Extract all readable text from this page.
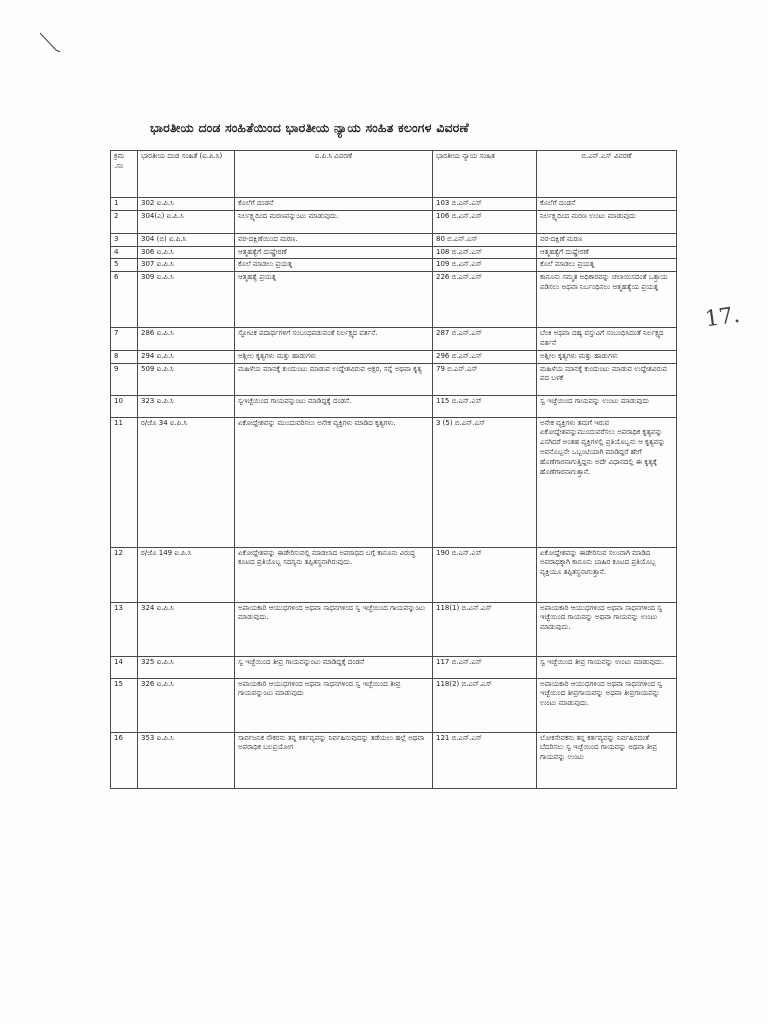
ಭಾರತೀಯ ದಂಡ ಸಂಹಿತೆಯಿಂದ ಭಾರತೀಯ ನ್ಯಾಯ ಸಂಹಿತ ಕಲಂಗಳ ವಿವರಣೆ
17.
ಕ್ರಮ .ಸಂ	ಭಾರತೀಯ ದಂಡ ಸಂಹಿತೆ (ಐ.ಪಿ.ಸಿ)	ಐ.ಪಿ.ಸಿ ವಿವರಣೆ	ಭಾರತೀಯ ನ್ಯಾಯ ಸಂಹಿತ	ಬಿ.ಎನ್.ಎಸ್ ವಿವರಣೆ
1	302 ಐ.ಪಿ.ಸಿ	ಕೊಲೆಗೆ ದಂಡನೆ	103 ಬಿ.ಎನ್.ಎಸ್	ಕೊಲೆಗೆ ದಂಡನೆ
2	304(ಎ) ಐ.ಪಿ.ಸಿ	ನಿರ್ಲಕ್ಷ್ಯದಿಂದ ಮರಣವನ್ನುಂಟು ಮಾಡುವುದು.	106 ಬಿ.ಎನ್.ಎಸ್	ನಿರ್ಲಕ್ಷ್ಯದಿಂದ ಮರಣ ಉಂಟು ಮಾಡುವುದು
3	304 (ಬಿ) ಐ.ಪಿ.ಸಿ	ವರ-ದಕ್ಷಿಣೆಯಿಂದ ಮರಣ.	80 ಬಿ.ಎನ್.ಎಸ್	ವರ-ದಕ್ಷಿಣೆ ಮರಣ
4	306 ಐ.ಪಿ.ಸಿ	ಆತ್ಮಹತ್ಯೆಗೆ ದುಷ್ಪ್ರೇರಣೆ	108 ಬಿ.ಎನ್.ಎಸ್	ಆತ್ಮಹತ್ಯೆಗೆ ದುಷ್ಪ್ರೇರಣೆ
5	307 ಐ.ಪಿ.ಸಿ	ಕೊಲೆ ಮಾಡಲು ಪ್ರಯತ್ನ	109 ಬಿ.ಎನ್.ಎಸ್	ಕೊಲೆ ಮಾಡಲು ಪ್ರಯತ್ನ
6	309 ಐ.ಪಿ.ಸಿ	ಆತ್ಮಹತ್ಯೆ ಪ್ರಯತ್ನ	226 ಬಿ.ಎನ್.ಎಸ್	ಕಾನೂನು ಸಮ್ಮತ ಅಧಿಕಾರವನ್ನು ಚಲಾಯಿಸದಂತೆ ಒತ್ತಾಯ ಪಡಿಸಲು ಅಥವಾ ನಿರ್ಬಂಧಿಸಲು ಆತ್ಮಹತ್ಯೆಯ ಪ್ರಯತ್ನ
7	286 ಐ.ಪಿ.ಸಿ	ಸ್ಫೋಟಕ ಪದಾರ್ಥಗಳಿಗೆ ಸಂಬಂಧಪಡುವಂತೆ ನಿರ್ಲಕ್ಷ್ಯದ ವರ್ತನೆ.	287 ಬಿ.ಎನ್.ಎಸ್	ಬೆಂಕಿ ಅಥವಾ ದಹ್ಯ ವಸ್ತುವಿಗೆ ಸಂಬಂಧಿಸಿದಂತೆ ನಿರ್ಲಕ್ಷ್ಯದ ವರ್ತನೆ
8	294 ಐ.ಪಿ.ಸಿ	ಅಶ್ಲೀಲ ಕೃತ್ಯಗಳು ಮತ್ತು ಹಾಡುಗಳು	296 ಬಿ.ಎನ್.ಎಸ್	ಅಶ್ಲೀಲ ಕೃತ್ಯಗಳು ಮತ್ತು ಹಾಡುಗಳು
9	509 ಐ.ಪಿ.ಸಿ	ಮಹಿಳೆಯ ಮಾನಕ್ಕೆ ಕುಂದುಂಟು ಮಾಡುವ ಉದ್ದೇಶವಿರುವ ಅಕ್ಷರ, ಸನ್ನೆ ಅಥವಾ ಕೃತ್ಯ	79 ಬಿ.ಎನ್.ಎಸ್	ಮಹಿಳೆಯ ಮಾನಕ್ಕೆ ಕುಂದುಂಟು ಮಾಡುವ ಉದ್ದೇಶವಿರುವ ಪದ ಬಳಕೆ
10	323 ಐ.ಪಿ.ಸಿ	ಸ್ವಇಚ್ಛೆಯಿಂದ ಗಾಯವನ್ನುಂಟು ಮಾಡಿದ್ದಕ್ಕೆ ದಂಡನೆ.	115 ಬಿ.ಎನ್.ಎಸ್	ಸ್ವ ಇಚ್ಛೆಯಿಂದ ಗಾಯವನ್ನು ಉಂಟು ಮಾಡುವುದು
11	ರ/ಜೊ 34 ಐ.ಪಿ.ಸಿ	ಏಕೋದ್ದೇಶವನ್ನು ಮುಂದುವರಿಸಲು ಅನೇಕ ವ್ಯಕ್ತಿಗಳು ಮಾಡಿದ ಕೃತ್ಯಗಳು.	3 (5) ಬಿ.ಎನ್.ಎಸ್	ಅನೇಕ ವ್ಯಕ್ತಿಗಳು ತಮಗೆ ಇರುವ ಏಕೋದ್ದೇಶವನ್ನುಮುಂದುವರೆಸಲು ಅಪರಾಧಿಕ ಕೃತ್ಯವನ್ನು ಎಸಗಿದರೆ ಅಂತಹ ವ್ಯಕ್ತಿಗಳಲ್ಲಿ ಪ್ರತಿಯೊಬ್ಬನು ಆ ಕೃತ್ಯವನ್ನು ಅವನೊಬ್ಬನೇ ಒಬ್ಬಂಟಿಯಾಗಿ ಮಾಡಿದ್ದರೆ ಹೇಗೆ ಹೊಣೆಗಾರನಾಗುತ್ತಿದ್ದನು ಅದೇ ವಿಧಾನದಲ್ಲಿ ಈ ಕೃತ್ಯಕ್ಕೆ ಹೊಣೆಗಾರನಾಗುತ್ತಾನೆ.
12	ರ/ಜೊ 149 ಐ.ಪಿ.ಸಿ	ಏಕೋದ್ದೇಶವನ್ನು ಈಡೇರಿಸುವಲ್ಲಿ ಮಾಡಲಾದ ಅಪರಾಧದ ಬಗ್ಗೆ ಕಾನೂನು ವಿರುದ್ಧ ಕೂಟದ ಪ್ರತಿಯೊಬ್ಬ ಸದಸ್ಯನು ತಪ್ಪಿತಸ್ಥನಾಗಿರುವುದು.	190 ಬಿ.ಎನ್.ಎಸ್	ಏಕೋದ್ದೇಶವನ್ನು ಈಡೇರಿಸುವ ಸಲುವಾಗಿ ಮಾಡಿದ ಅಪರಾಧಕ್ಕಾಗಿ ಕಾನೂನು ಬಾಹಿರ ಕೂಟದ ಪ್ರತಿಯೊಬ್ಬ ವ್ಯಕ್ತಿಯೂ ತಪ್ಪಿತಸ್ಥನಾಗುತ್ತಾನೆ.
13	324 ಐ.ಪಿ.ಸಿ	ಅಪಾಯಕಾರಿ ಆಯುಧಗಳಿಂದ ಅಥವಾ ಸಾಧನಗಳಿಂದ ಸ್ವ ಇಚ್ಛೆಯಿಂದ ಗಾಯವನ್ನುಂಟು ಮಾಡುವುದು.	118(1) ಬಿ.ಎನ್.ಎಸ್	ಅಪಾಯಕಾರಿ ಆಯುಧಗಳಿಂದ ಅಥವಾ ಸಾಧನಗಳಿಂದ ಸ್ವ ಇಚ್ಛೆಯಿಂದ ಗಾಯವನ್ನು ಅಥವಾ ಗಾಯವನ್ನು ಉಂಟು ಮಾಡುವುದು.
14	325 ಐ.ಪಿ.ಸಿ	ಸ್ವ ಇಚ್ಛೆಯಿಂದ ತೀವ್ರ ಗಾಯವನ್ನುಂಟು ಮಾಡಿದ್ದಕ್ಕೆ ದಂಡನೆ	117 ಬಿ.ಎನ್.ಎಸ್	ಸ್ವ ಇಚ್ಛೆಯಿಂದ ತೀವ್ರ ಗಾಯವನ್ನು ಉಂಟು ಮಾಡುವುದು.
15	326 ಐ.ಪಿ.ಸಿ	ಅಪಾಯಕಾರಿ ಆಯುಧಗಳಿಂದ ಅಥವಾ ಸಾಧನಗಳಿಂದ ಸ್ವ ಇಚ್ಛೆಯಿಂದ ತೀವ್ರ ಗಾಯವನ್ನುಂಟು ಮಾಡುವುದು	118(2) ಬಿ.ಎನ್.ಎಸ್	ಅಪಾಯಕಾರಿ ಆಯುಧಗಳಿಂದ ಅಥವಾ ಸಾಧನಗಳಿಂದ ಸ್ವ ಇಚ್ಛೆಯಿಂದ ತೀವ್ರಗಾಯವನ್ನು ಅಥವಾ ತೀವ್ರಗಾಯವನ್ನು ಉಂಟು ಮಾಡುವುದು.
16	353 ಐ.ಪಿ.ಸಿ	ಸಾರ್ವಜನಿಕ ನೌಕರನು ತನ್ನ ಕರ್ತವ್ಯವನ್ನು ನಿರ್ವಹಿಸುವುದನ್ನು ತಡೆಯಲು ಹಲ್ಲೆ ಅಥವಾ ಅಪರಾಧಿಕ ಬಲಪ್ರಯೋಗ	121 ಬಿ.ಎನ್.ಎಸ್	ಲೋಕಸೇವಕನು ತನ್ನ ಕರ್ತವ್ಯವನ್ನು ನಿರ್ವಹಿಸದಂತೆ ಬೆದರಿಸಲು ಸ್ವ ಇಚ್ಛೆಯಿಂದ ಗಾಯವನ್ನು ಅಥವಾ ತೀವ್ರ ಗಾಯವನ್ನು ಉಂಟು
